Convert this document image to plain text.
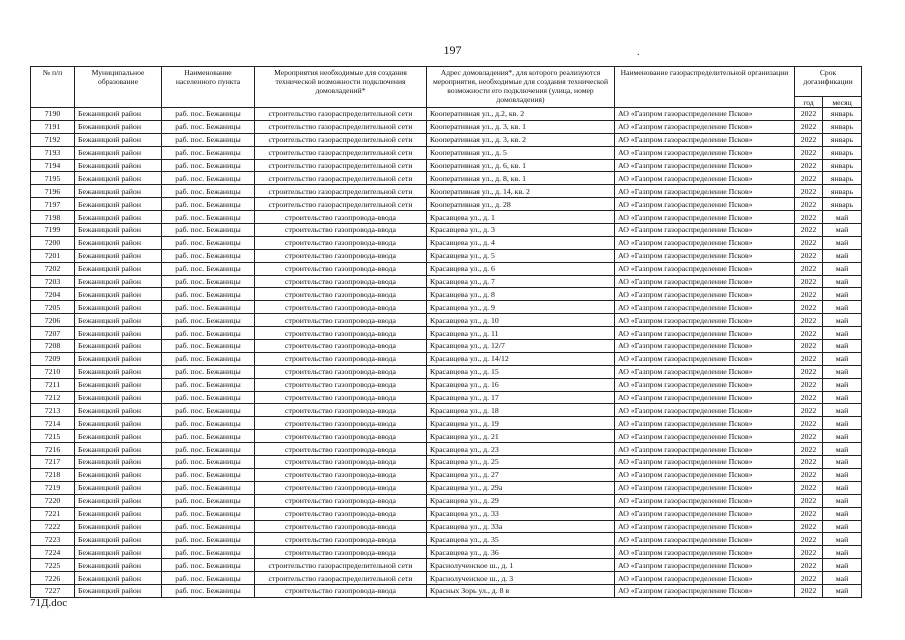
197	.
№ п/п	Муниципальное образование	Наименование населенного пункта	Мероприятия необходимые для создания технической возможности подключения домовладений*	Адрес домовладения*, для которого реализуются мероприятия, необходимые для создания технической возможности его подключения (улица, номер домовладения)	Наименование газораспределительной организации	Срок догазификации	
						год	месяц
7190	Бежаницкий район	раб. пос. Бежаницы	строительство газораспределительной сети	Кооперативная ул., д.2, кв. 2	АО «Газпром газораспределение Псков»	2022	январь
7191	Бежаницкий район	раб. пос. Бежаницы	строительство газораспределительной сети	Кооперативная ул., д. 3, кв. 1	АО «Газпром газораспределение Псков»	2022	январь
7192	Бежаницкий район	раб. пос. Бежаницы	строительство газораспределительной сети	Кооперативная ул., д. 3, кв. 2	АО «Газпром газораспределение Псков»	2022	январь
7193	Бежаницкий район	раб. пос. Бежаницы	строительство газораспределительной сети	Кооперативная ул., д. 5	АО «Газпром газораспределение Псков»	2022	январь
7194	Бежаницкий район	раб. пос. Бежаницы	строительство газораспределительной сети	Кооперативная ул., д. 6, кв. 1	АО «Газпром газораспределение Псков»	2022	январь
7195	Бежаницкий район	раб. пос. Бежаницы	строительство газораспределительной сети	Кооперативная ул., д. 8, кв. 1	АО «Газпром газораспределение Псков»	2022	январь
7196	Бежаницкий район	раб. пос. Бежаницы	строительство газораспределительной сети	Кооперативная ул., д. 14, кв. 2	АО «Газпром газораспределение Псков»	2022	январь
7197	Бежаницкий район	раб. пос. Бежаницы	строительство газораспределительной сети	Кооперативная ул., д. 28	АО «Газпром газораспределение Псков»	2022	январь
7198	Бежаницкий район	раб. пос. Бежаницы	строительство газопровода-ввода	Красавцева ул., д. 1	АО «Газпром газораспределение Псков»	2022	май
7199	Бежаницкий район	раб. пос. Бежаницы	строительство газопровода-ввода	Красавцева ул., д. 3	АО «Газпром газораспределение Псков»	2022	май
7200	Бежаницкий район	раб. пос. Бежаницы	строительство газопровода-ввода	Красавцева ул., д. 4	АО «Газпром газораспределение Псков»	2022	май
7201	Бежаницкий район	раб. пос. Бежаницы	строительство газопровода-ввода	Красавцева ул., д. 5	АО «Газпром газораспределение Псков»	2022	май
7202	Бежаницкий район	раб. пос. Бежаницы	строительство газопровода-ввода	Красавцева ул., д. 6	АО «Газпром газораспределение Псков»	2022	май
7203	Бежаницкий район	раб. пос. Бежаницы	строительство газопровода-ввода	Красавцева ул., д. 7	АО «Газпром газораспределение Псков»	2022	май
7204	Бежаницкий район	раб. пос. Бежаницы	строительство газопровода-ввода	Красавцева ул., д. 8	АО «Газпром газораспределение Псков»	2022	май
7205	Бежаницкий район	раб. пос. Бежаницы	строительство газопровода-ввода	Красавцева ул., д. 9	АО «Газпром газораспределение Псков»	2022	май
7206	Бежаницкий район	раб. пос. Бежаницы	строительство газопровода-ввода	Красавцева ул., д. 10	АО «Газпром газораспределение Псков»	2022	май
7207	Бежаницкий район	раб. пос. Бежаницы	строительство газопровода-ввода	Красавцева ул., д. 11	АО «Газпром газораспределение Псков»	2022	май
7208	Бежаницкий район	раб. пос. Бежаницы	строительство газопровода-ввода	Красавцева ул., д. 12/7	АО «Газпром газораспределение Псков»	2022	май
7209	Бежаницкий район	раб. пос. Бежаницы	строительство газопровода-ввода	Красавцева ул., д. 14/12	АО «Газпром газораспределение Псков»	2022	май
7210	Бежаницкий район	раб. пос. Бежаницы	строительство газопровода-ввода	Красавцева ул., д. 15	АО «Газпром газораспределение Псков»	2022	май
7211	Бежаницкий район	раб. пос. Бежаницы	строительство газопровода-ввода	Красавцева ул., д. 16	АО «Газпром газораспределение Псков»	2022	май
7212	Бежаницкий район	раб. пос. Бежаницы	строительство газопровода-ввода	Красавцева ул., д. 17	АО «Газпром газораспределение Псков»	2022	май
7213	Бежаницкий район	раб. пос. Бежаницы	строительство газопровода-ввода	Красавцева ул., д. 18	АО «Газпром газораспределение Псков»	2022	май
7214	Бежаницкий район	раб. пос. Бежаницы	строительство газопровода-ввода	Красавцева ул., д. 19	АО «Газпром газораспределение Псков»	2022	май
7215	Бежаницкий район	раб. пос. Бежаницы	строительство газопровода-ввода	Красавцева ул., д. 21	АО «Газпром газораспределение Псков»	2022	май
7216	Бежаницкий район	раб. пос. Бежаницы	строительство газопровода-ввода	Красавцева ул., д. 23	АО «Газпром газораспределение Псков»	2022	май
7217	Бежаницкий район	раб. пос. Бежаницы	строительство газопровода-ввода	Красавцева ул., д. 25	АО «Газпром газораспределение Псков»	2022	май
7218	Бежаницкий район	раб. пос. Бежаницы	строительство газопровода-ввода	Красавцева ул., д. 27	АО «Газпром газораспределение Псков»	2022	май
7219	Бежаницкий район	раб. пос. Бежаницы	строительство газопровода-ввода	Красавцева ул., д. 29а	АО «Газпром газораспределение Псков»	2022	май
7220	Бежаницкий район	раб. пос. Бежаницы	строительство газопровода-ввода	Красавцева ул., д. 29	АО «Газпром газораспределение Псков»	2022	май
7221	Бежаницкий район	раб. пос. Бежаницы	строительство газопровода-ввода	Красавцева ул., д. 33	АО «Газпром газораспределение Псков»	2022	май
7222	Бежаницкий район	раб. пос. Бежаницы	строительство газопровода-ввода	Красавцева ул., д. 33а	АО «Газпром газораспределение Псков»	2022	май
7223	Бежаницкий район	раб. пос. Бежаницы	строительство газопровода-ввода	Красавцева ул., д. 35	АО «Газпром газораспределение Псков»	2022	май
7224	Бежаницкий район	раб. пос. Бежаницы	строительство газопровода-ввода	Красавцева ул., д. 36	АО «Газпром газораспределение Псков»	2022	май
7225	Бежаницкий район	раб. пос. Бежаницы	строительство газораспределительной сети	Краснолученское ш., д. 1	АО «Газпром газораспределение Псков»	2022	май
7226	Бежаницкий район	раб. пос. Бежаницы	строительство газораспределительной сети	Краснолученское ш., д. 3	АО «Газпром газораспределение Псков»	2022	май
7227	Бежаницкий район	раб. пос. Бежаницы	строительство газопровода-ввода	Красных Зорь ул., д. 8 в	АО «Газпром газораспределение Псков»	2022	май
71Д.doc
